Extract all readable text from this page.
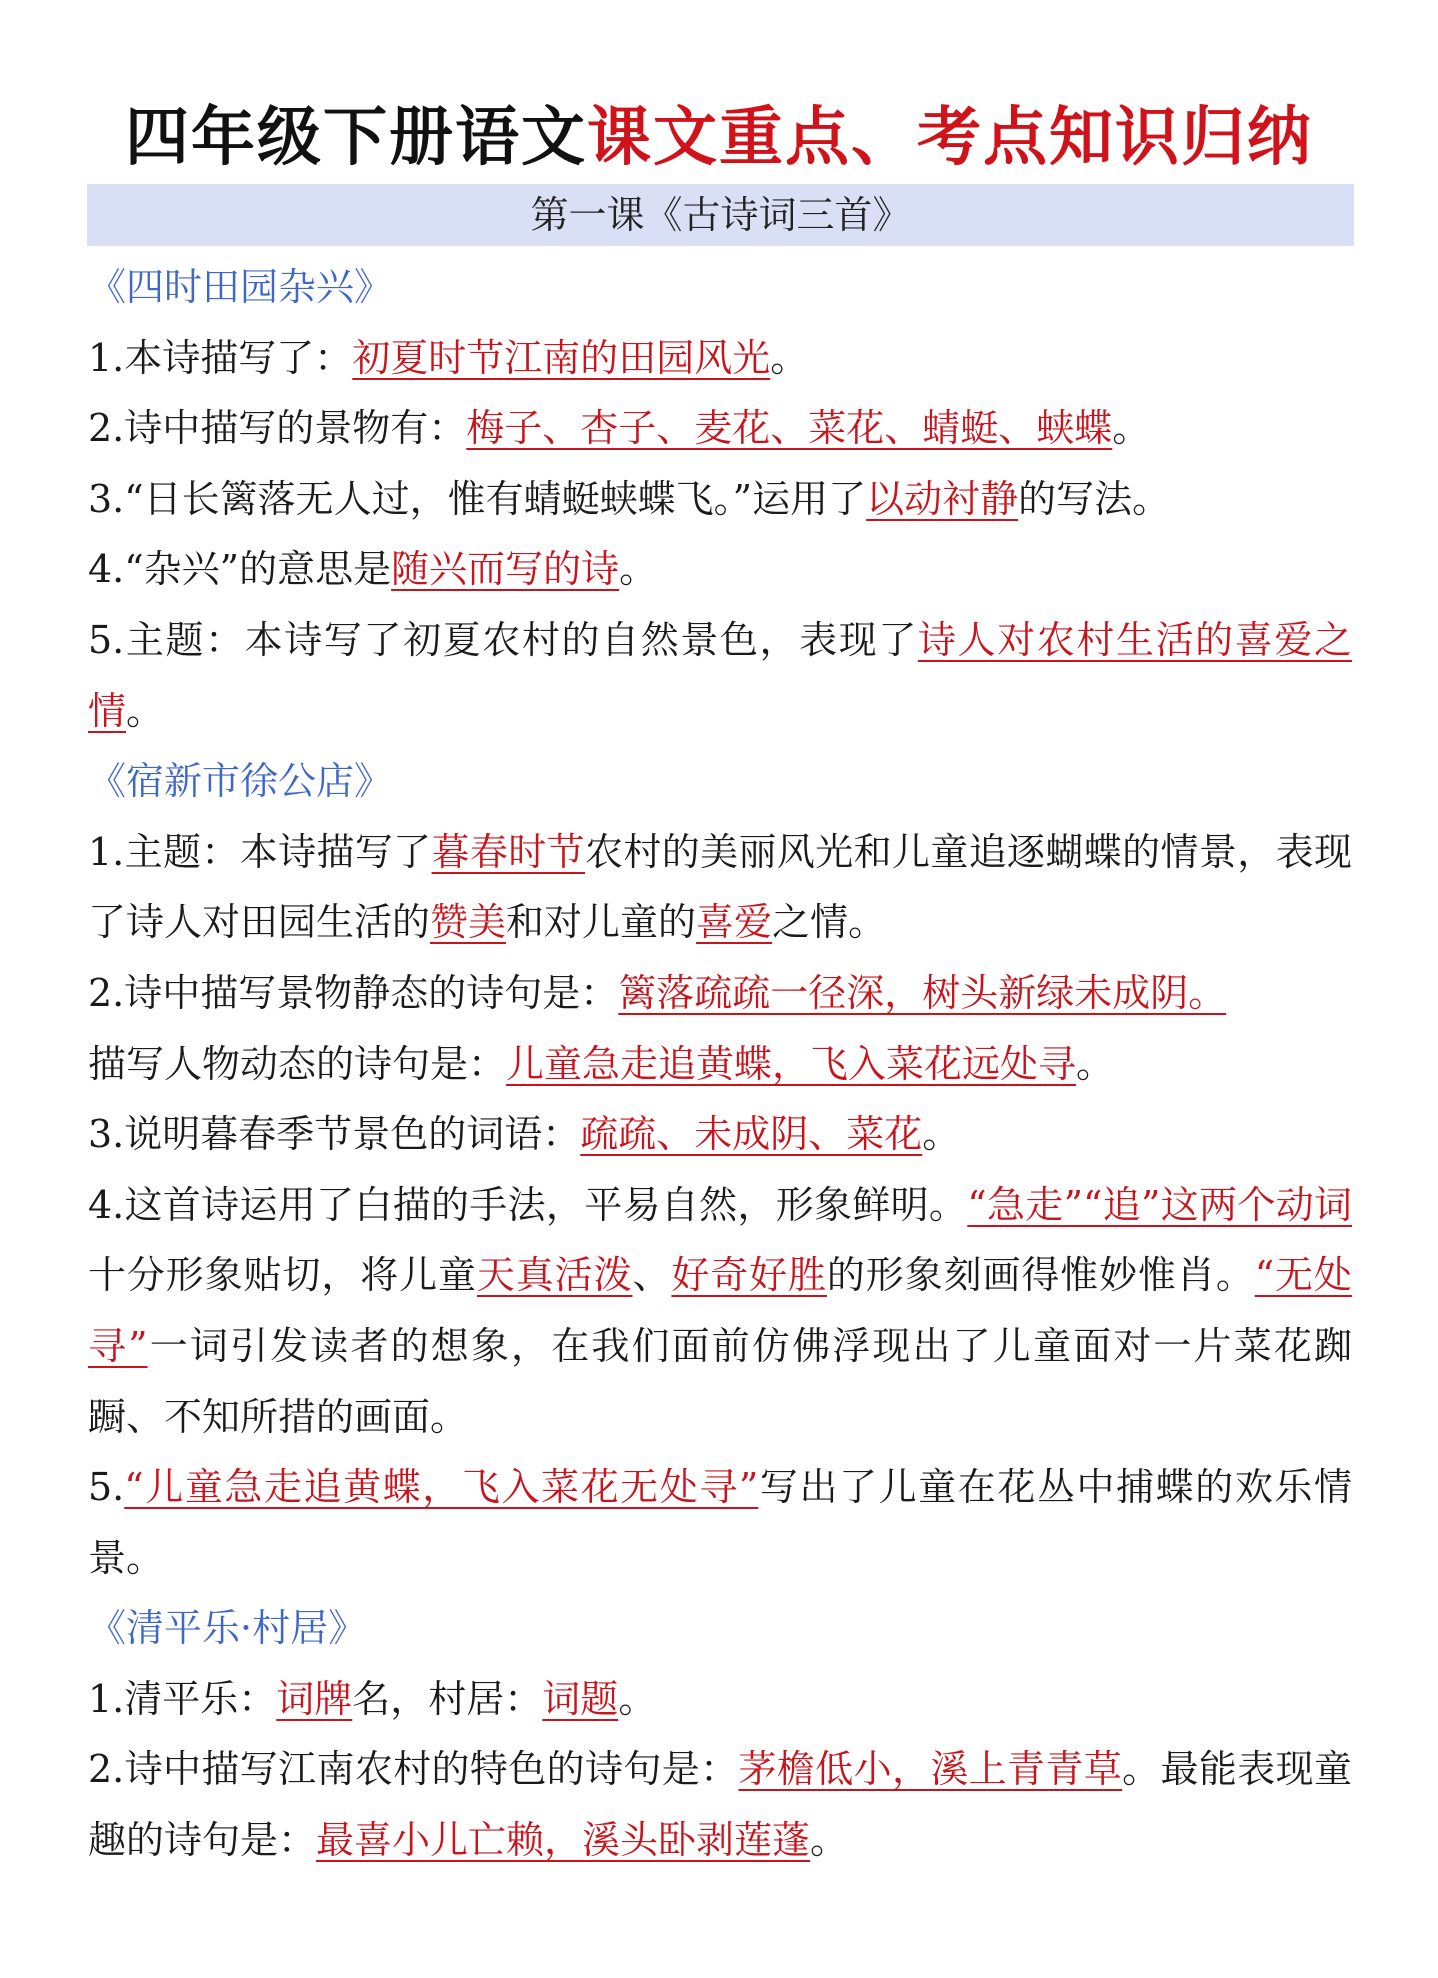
四年级下册语文课文重点、考点知识归纳
第一课《古诗词三首》
《四时田园杂兴》
1.本诗描写了：初夏时节江南的田园风光。
2.诗中描写的景物有：梅子、杏子、麦花、菜花、蜻蜓、蛱蝶。
3.“日长篱落无人过，惟有蜻蜓蛱蝶飞。”运用了以动衬静的写法。
4.“杂兴”的意思是随兴而写的诗。
5.主题：本诗写了初夏农村的自然景色，表现了诗人对农村生活的喜爱之情。
《宿新市徐公店》
1.主题：本诗描写了暮春时节农村的美丽风光和儿童追逐蝴蝶的情景，表现了诗人对田园生活的赞美和对儿童的喜爱之情。
2.诗中描写景物静态的诗句是：篱落疏疏一径深，树头新绿未成阴。
描写人物动态的诗句是：儿童急走追黄蝶，飞入菜花远处寻。
3.说明暮春季节景色的词语：疏疏、未成阴、菜花。
4.这首诗运用了白描的手法，平易自然，形象鲜明。“急走”“追”这两个动词十分形象贴切，将儿童天真活泼、好奇好胜的形象刻画得惟妙惟肖。“无处寻”一词引发读者的想象，在我们面前仿佛浮现出了儿童面对一片菜花踟蹰、不知所措的画面。
5.“儿童急走追黄蝶，飞入菜花无处寻”写出了儿童在花丛中捕蝶的欢乐情景。
《清平乐·村居》
1.清平乐：词牌名，村居：词题。
2.诗中描写江南农村的特色的诗句是：茅檐低小，溪上青青草。最能表现童趣的诗句是：最喜小儿亡赖，溪头卧剥莲蓬。
